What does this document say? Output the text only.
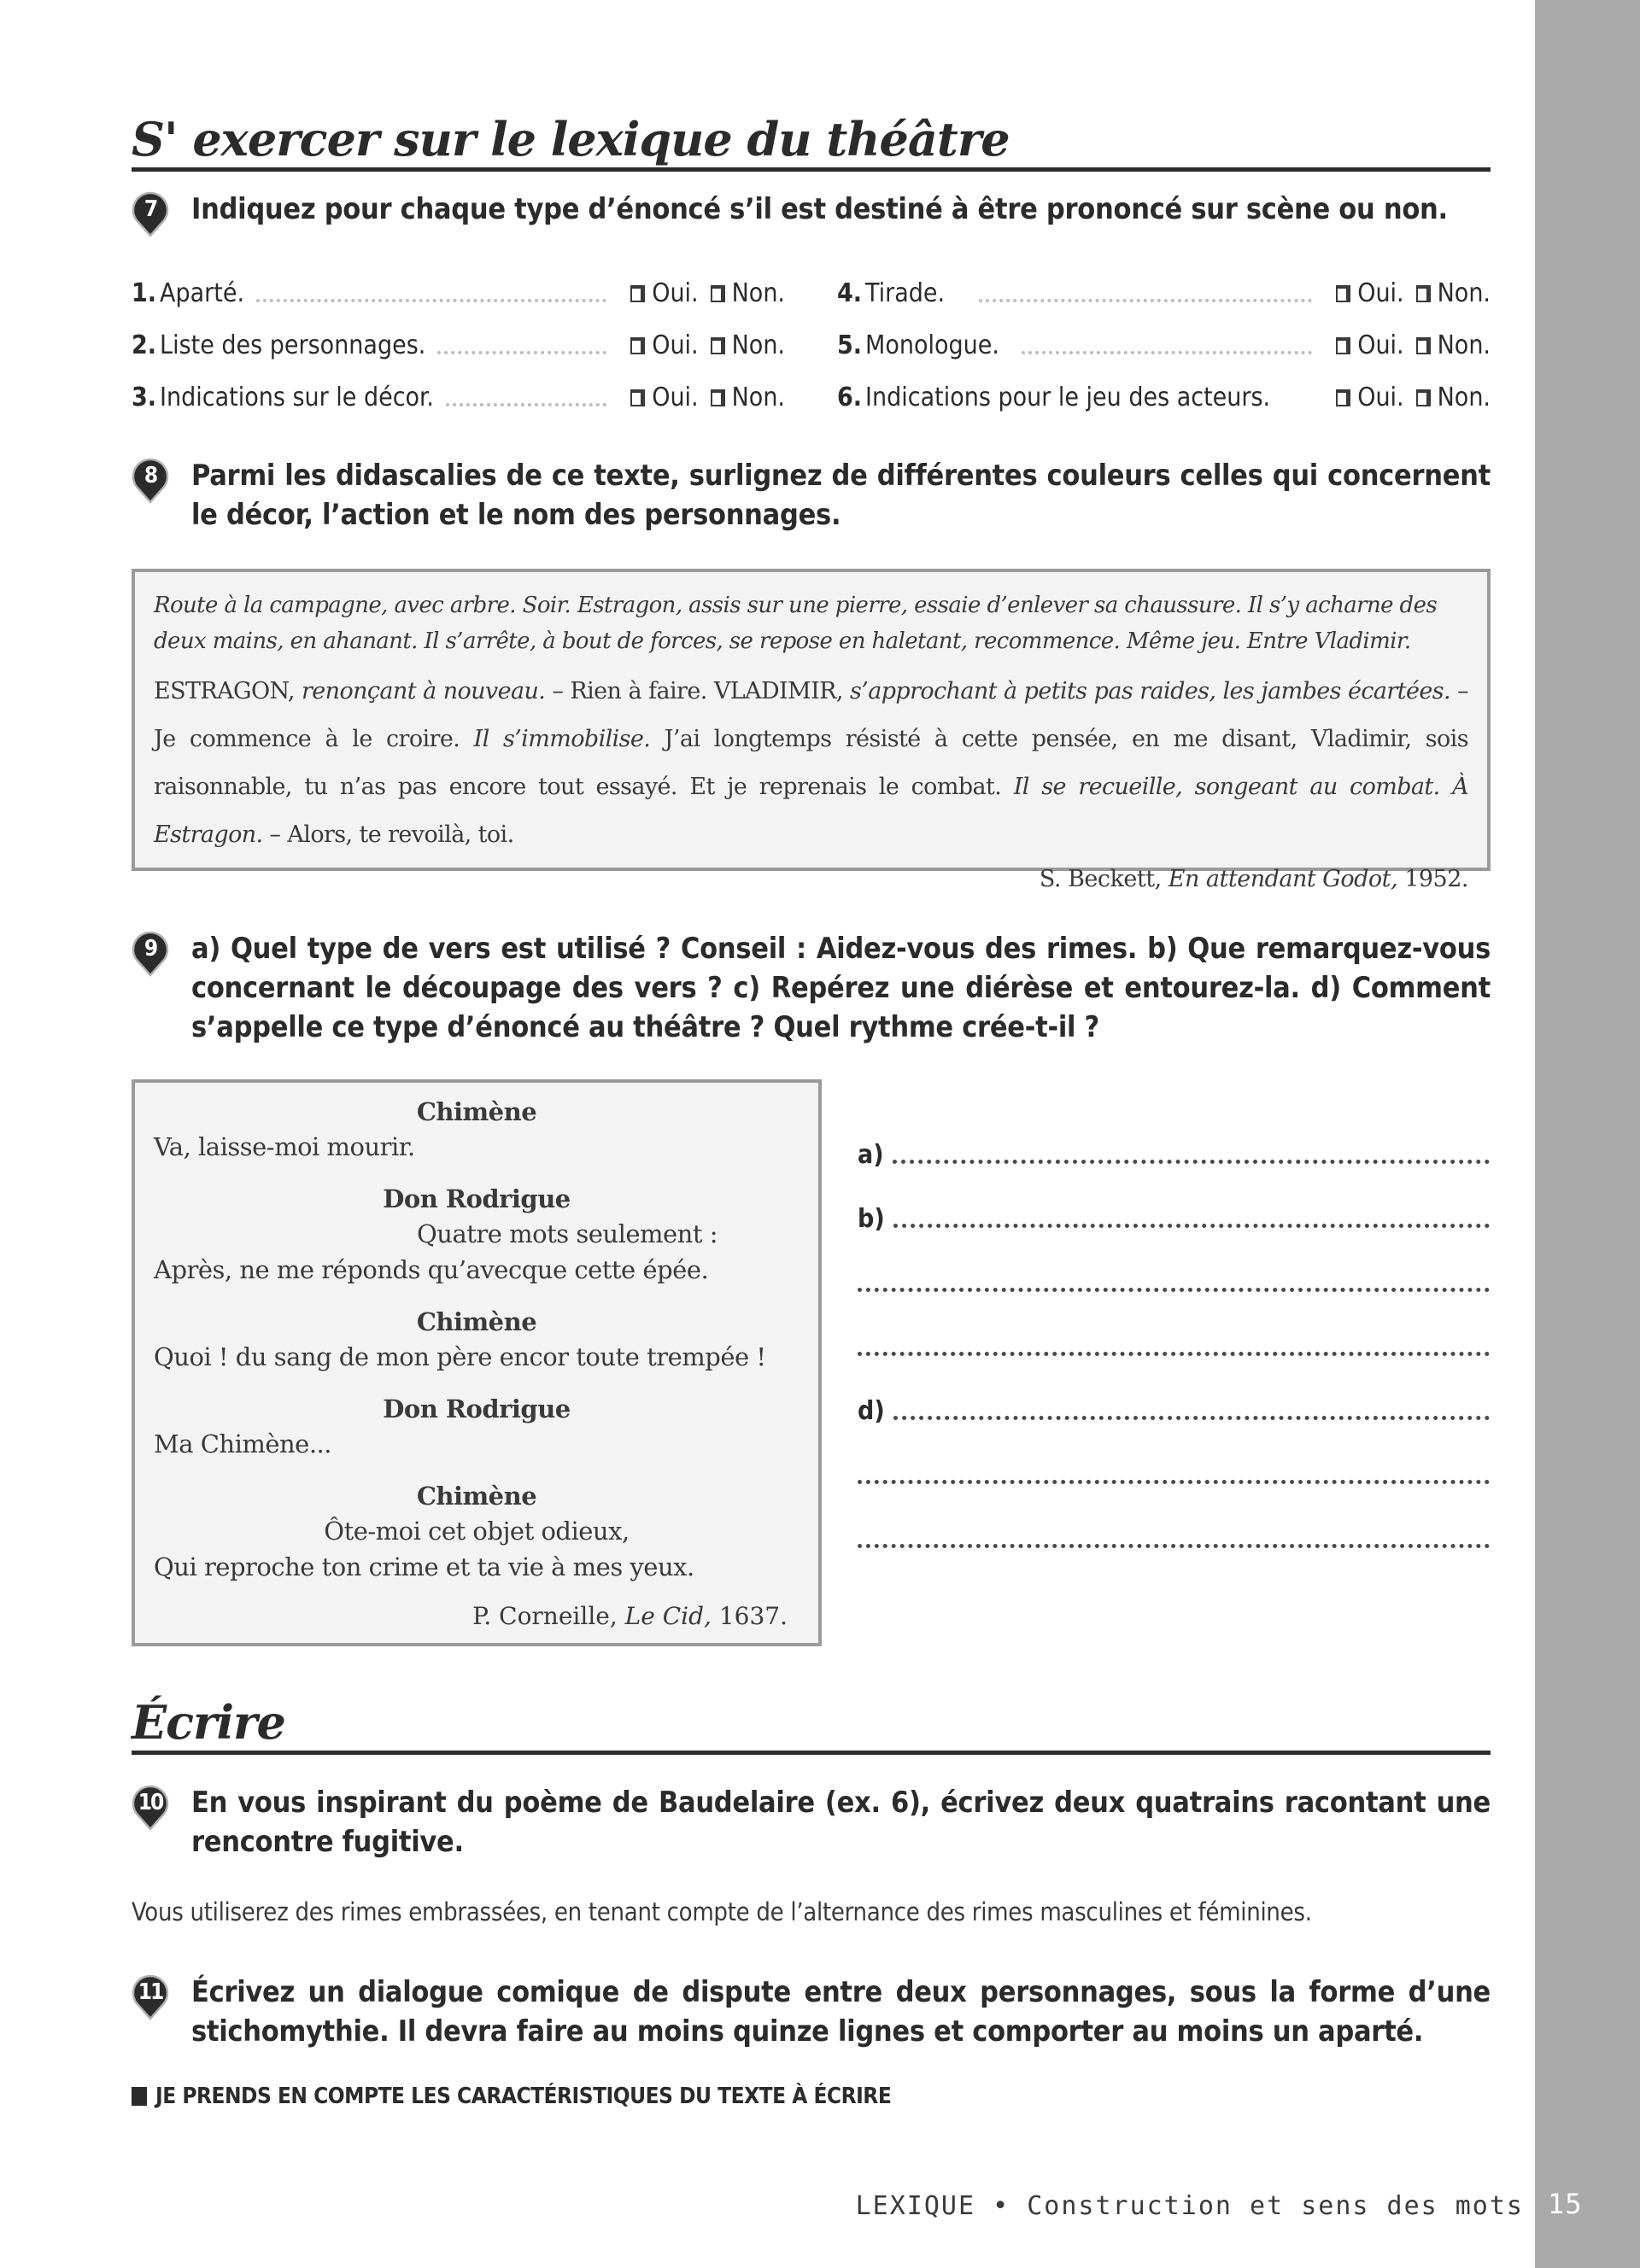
S' exercer sur le lexique du théâtre
7	Indiquez pour chaque type d’énoncé s’il est destiné à être prononcé sur scène ou non.
1. Aparté.	Oui. Non. 4. Tirade.	Oui. Non.
2. Liste des personnages.	Oui. Non. 5. Monologue.	Oui. Non.
3. Indications sur le décor.	Oui. Non. 6. Indications pour le jeu des acteurs.	Oui. Non.
8	Parmi les didascalies de ce texte, surlignez de différentes couleurs celles qui concernent le décor, l’action et le nom des personnages.

Route à la campagne, avec arbre. Soir. Estragon, assis sur une pierre, essaie d’enlever sa chaussure. Il s’y acharne des deux mains, en ahanant. Il s’arrête, à bout de forces, se repose en haletant, recommence. Même jeu. Entre Vladimir.

ESTRAGON, renonçant à nouveau. – Rien à faire. VLADIMIR, s’approchant à petits pas raides, les jambes écartées. – Je commence à le croire. Il s’immobilise. J’ai longtemps résisté à cette pensée, en me disant, Vladimir, sois raisonnable, tu n’as pas encore tout essayé. Et je reprenais le combat. Il se recueille, songeant au combat. À Estragon. – Alors, te revoilà, toi.

S. Beckett, En attendant Godot, 1952.
9	a) Quel type de vers est utilisé ? Conseil : Aidez-vous des rimes. b) Que remarquez-vous concernant le découpage des vers ? c) Repérez une diérèse et entourez-la. d) Comment s’appelle ce type d’énoncé au théâtre ? Quel rythme crée-t-il ?
Chimène
Va, laisse-moi mourir.
Don Rodrigue
Quatre mots seulement :
Après, ne me réponds qu’avecque cette épée.
Chimène
Quoi ! du sang de mon père encor toute trempée !
Don Rodrigue
Ma Chimène...
Chimène
Ôte-moi cet objet odieux,
Qui reproche ton crime et ta vie à mes yeux.
P. Corneille, Le Cid, 1637.
a)
b)
d)
Écrire
10 En vous inspirant du poème de Baudelaire (ex. 6), écrivez deux quatrains racontant une rencontre fugitive.
Vous utiliserez des rimes embrassées, en tenant compte de l’alternance des rimes masculines et féminines.
11 Écrivez un dialogue comique de dispute entre deux personnages, sous la forme d’une stichomythie. Il devra faire au moins quinze lignes et comporter au moins un aparté.
JE PRENDS EN COMPTE LES CARACTÉRISTIQUES DU TEXTE À ÉCRIRE
LEXIQUE • Construction et sens des mots 15
